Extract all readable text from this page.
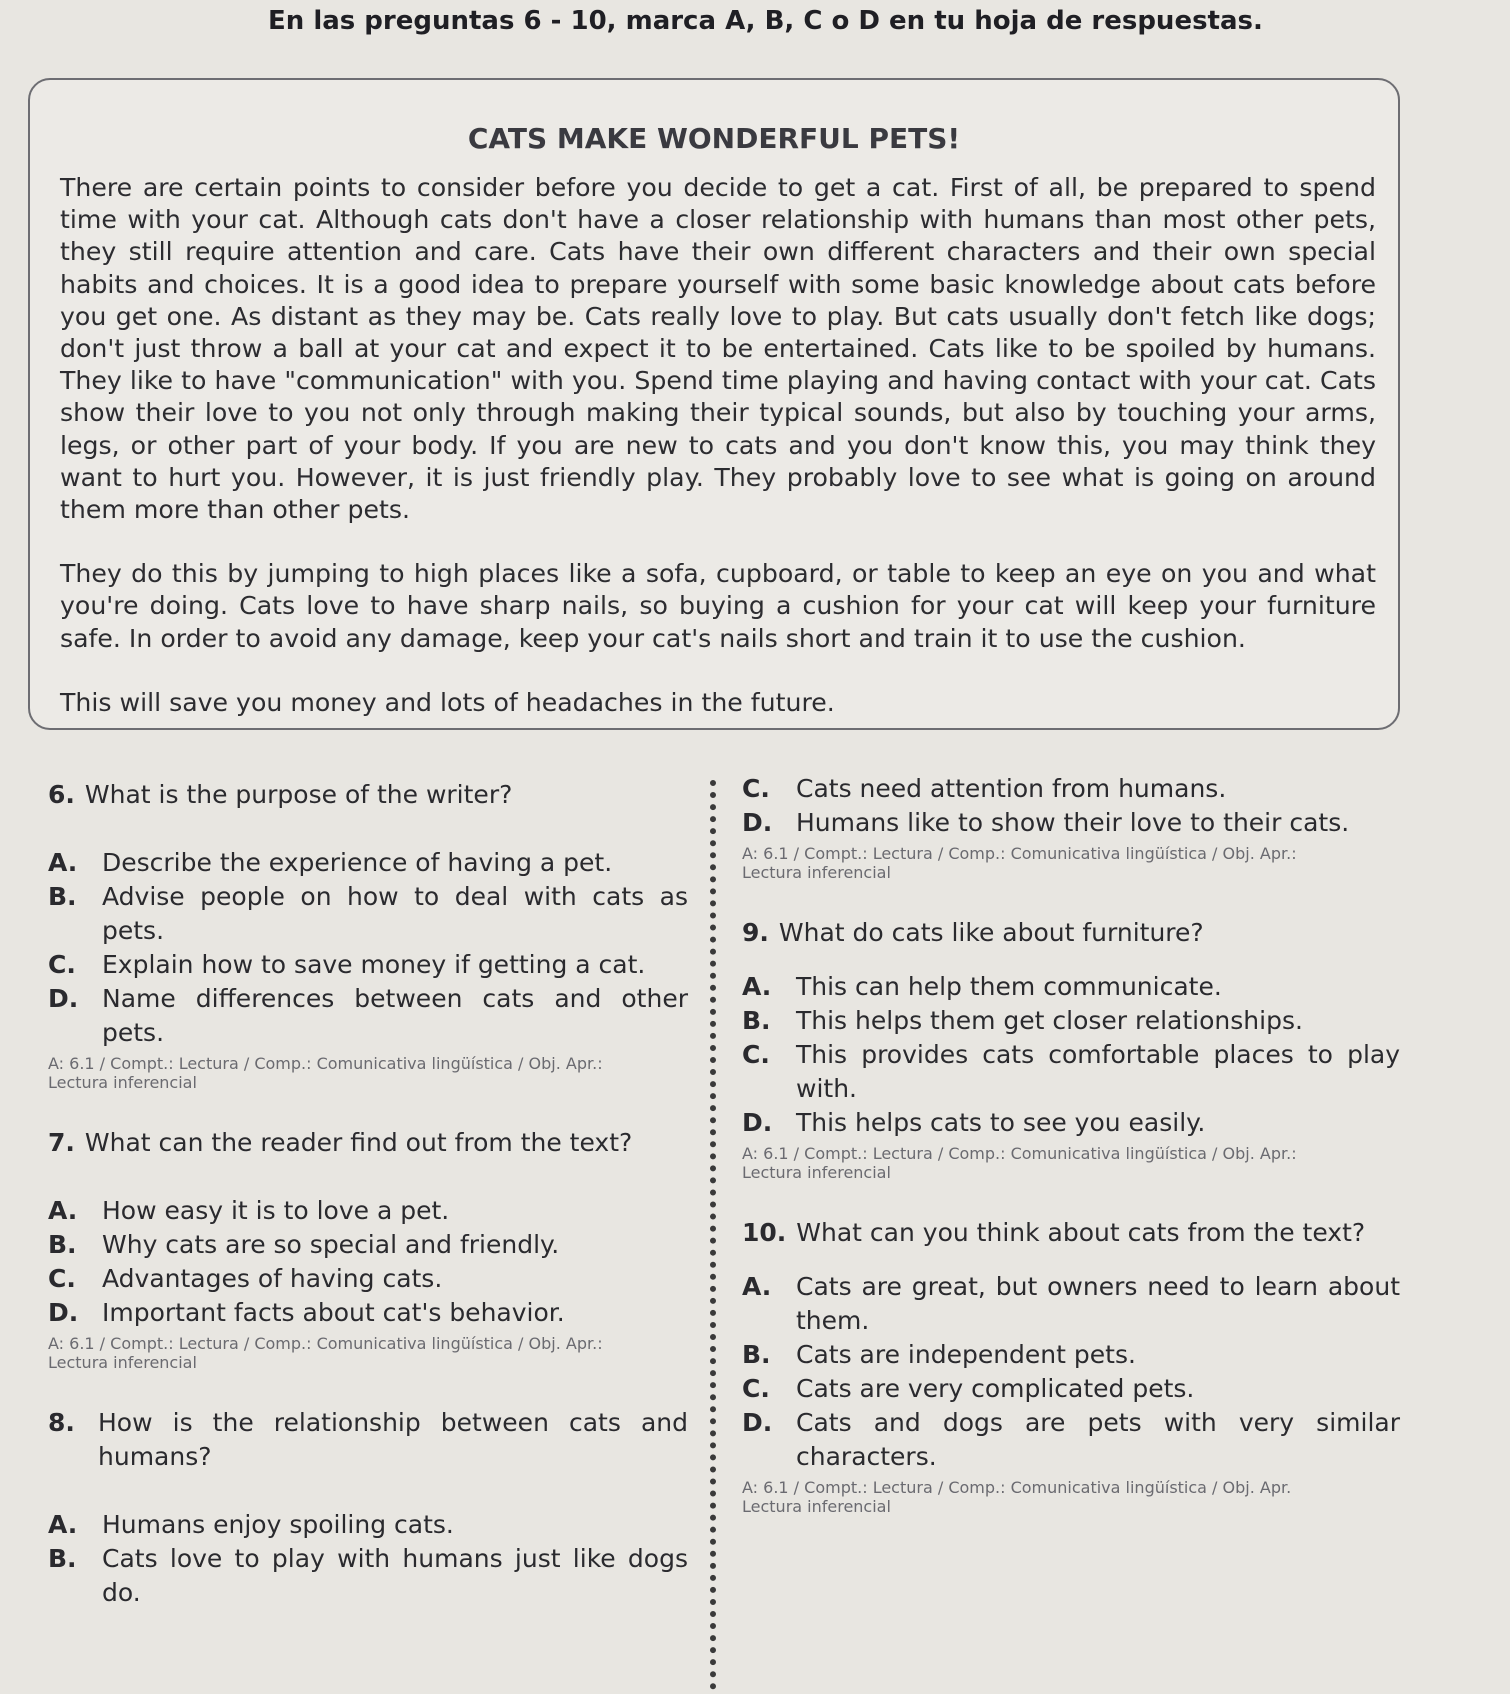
En las preguntas 6 - 10, marca A, B, C o D en tu hoja de respuestas.
CATS MAKE WONDERFUL PETS!

There are certain points to consider before you decide to get a cat. First of all, be prepared to spend time with your cat. Although cats don't have a closer relationship with humans than most other pets, they still require attention and care. Cats have their own different characters and their own special habits and choices. It is a good idea to prepare yourself with some basic knowledge about cats before you get one. As distant as they may be. Cats really love to play. But cats usually don't fetch like dogs; don't just throw a ball at your cat and expect it to be entertained. Cats like to be spoiled by humans. They like to have "communication" with you. Spend time playing and having contact with your cat. Cats show their love to you not only through making their typical sounds, but also by touching your arms, legs, or other part of your body. If you are new to cats and you don't know this, you may think they want to hurt you. However, it is just friendly play. They probably love to see what is going on around them more than other pets.

They do this by jumping to high places like a sofa, cupboard, or table to keep an eye on you and what you're doing. Cats love to have sharp nails, so buying a cushion for your cat will keep your furniture safe. In order to avoid any damage, keep your cat's nails short and train it to use the cushion.

This will save you money and lots of headaches in the future.

6. What is the purpose of the writer?

A. Describe the experience of having a pet.

B.	Advise people on how to deal with cats as pets.

C.	Explain how to save money if getting a cat.

D. Name differences between cats and other pets.

A: 6.1 / Compt.: Lectura / Comp.: Comunicativa lingüística / Obj. Apr.:
Lectura inferencial

7. What can the reader find out from the text?

A. How easy it is to love a pet.

B.	Why cats are so special and friendly.

C.	Advantages of having cats.

D. Important facts about cat's behavior.

A: 6.1 / Compt.: Lectura / Comp.: Comunicativa lingüística / Obj. Apr.:
Lectura inferencial

8. How is the relationship between cats and humans?

A. Humans enjoy spoiling cats.

B.	Cats love to play with humans just like dogs do.

C.	Cats need attention from humans.

D. Humans like to show their love to their cats.

A: 6.1 / Compt.: Lectura / Comp.: Comunicativa lingüística / Obj. Apr.:
Lectura inferencial

9. What do cats like about furniture?

A. This can help them communicate.

B.	This helps them get closer relationships.

C.	This provides cats comfortable places to play with.

D. This helps cats to see you easily.

A: 6.1 / Compt.: Lectura / Comp.: Comunicativa lingüística / Obj. Apr.:
Lectura inferencial

10. What can you think about cats from the text?

A. Cats are great, but owners need to learn about them.

B.	Cats are independent pets.

C.	Cats are very complicated pets.

D. Cats and dogs are pets with very similar characters.

A: 6.1 / Compt.: Lectura / Comp.: Comunicativa lingüística / Obj. Apr.
Lectura inferencial
